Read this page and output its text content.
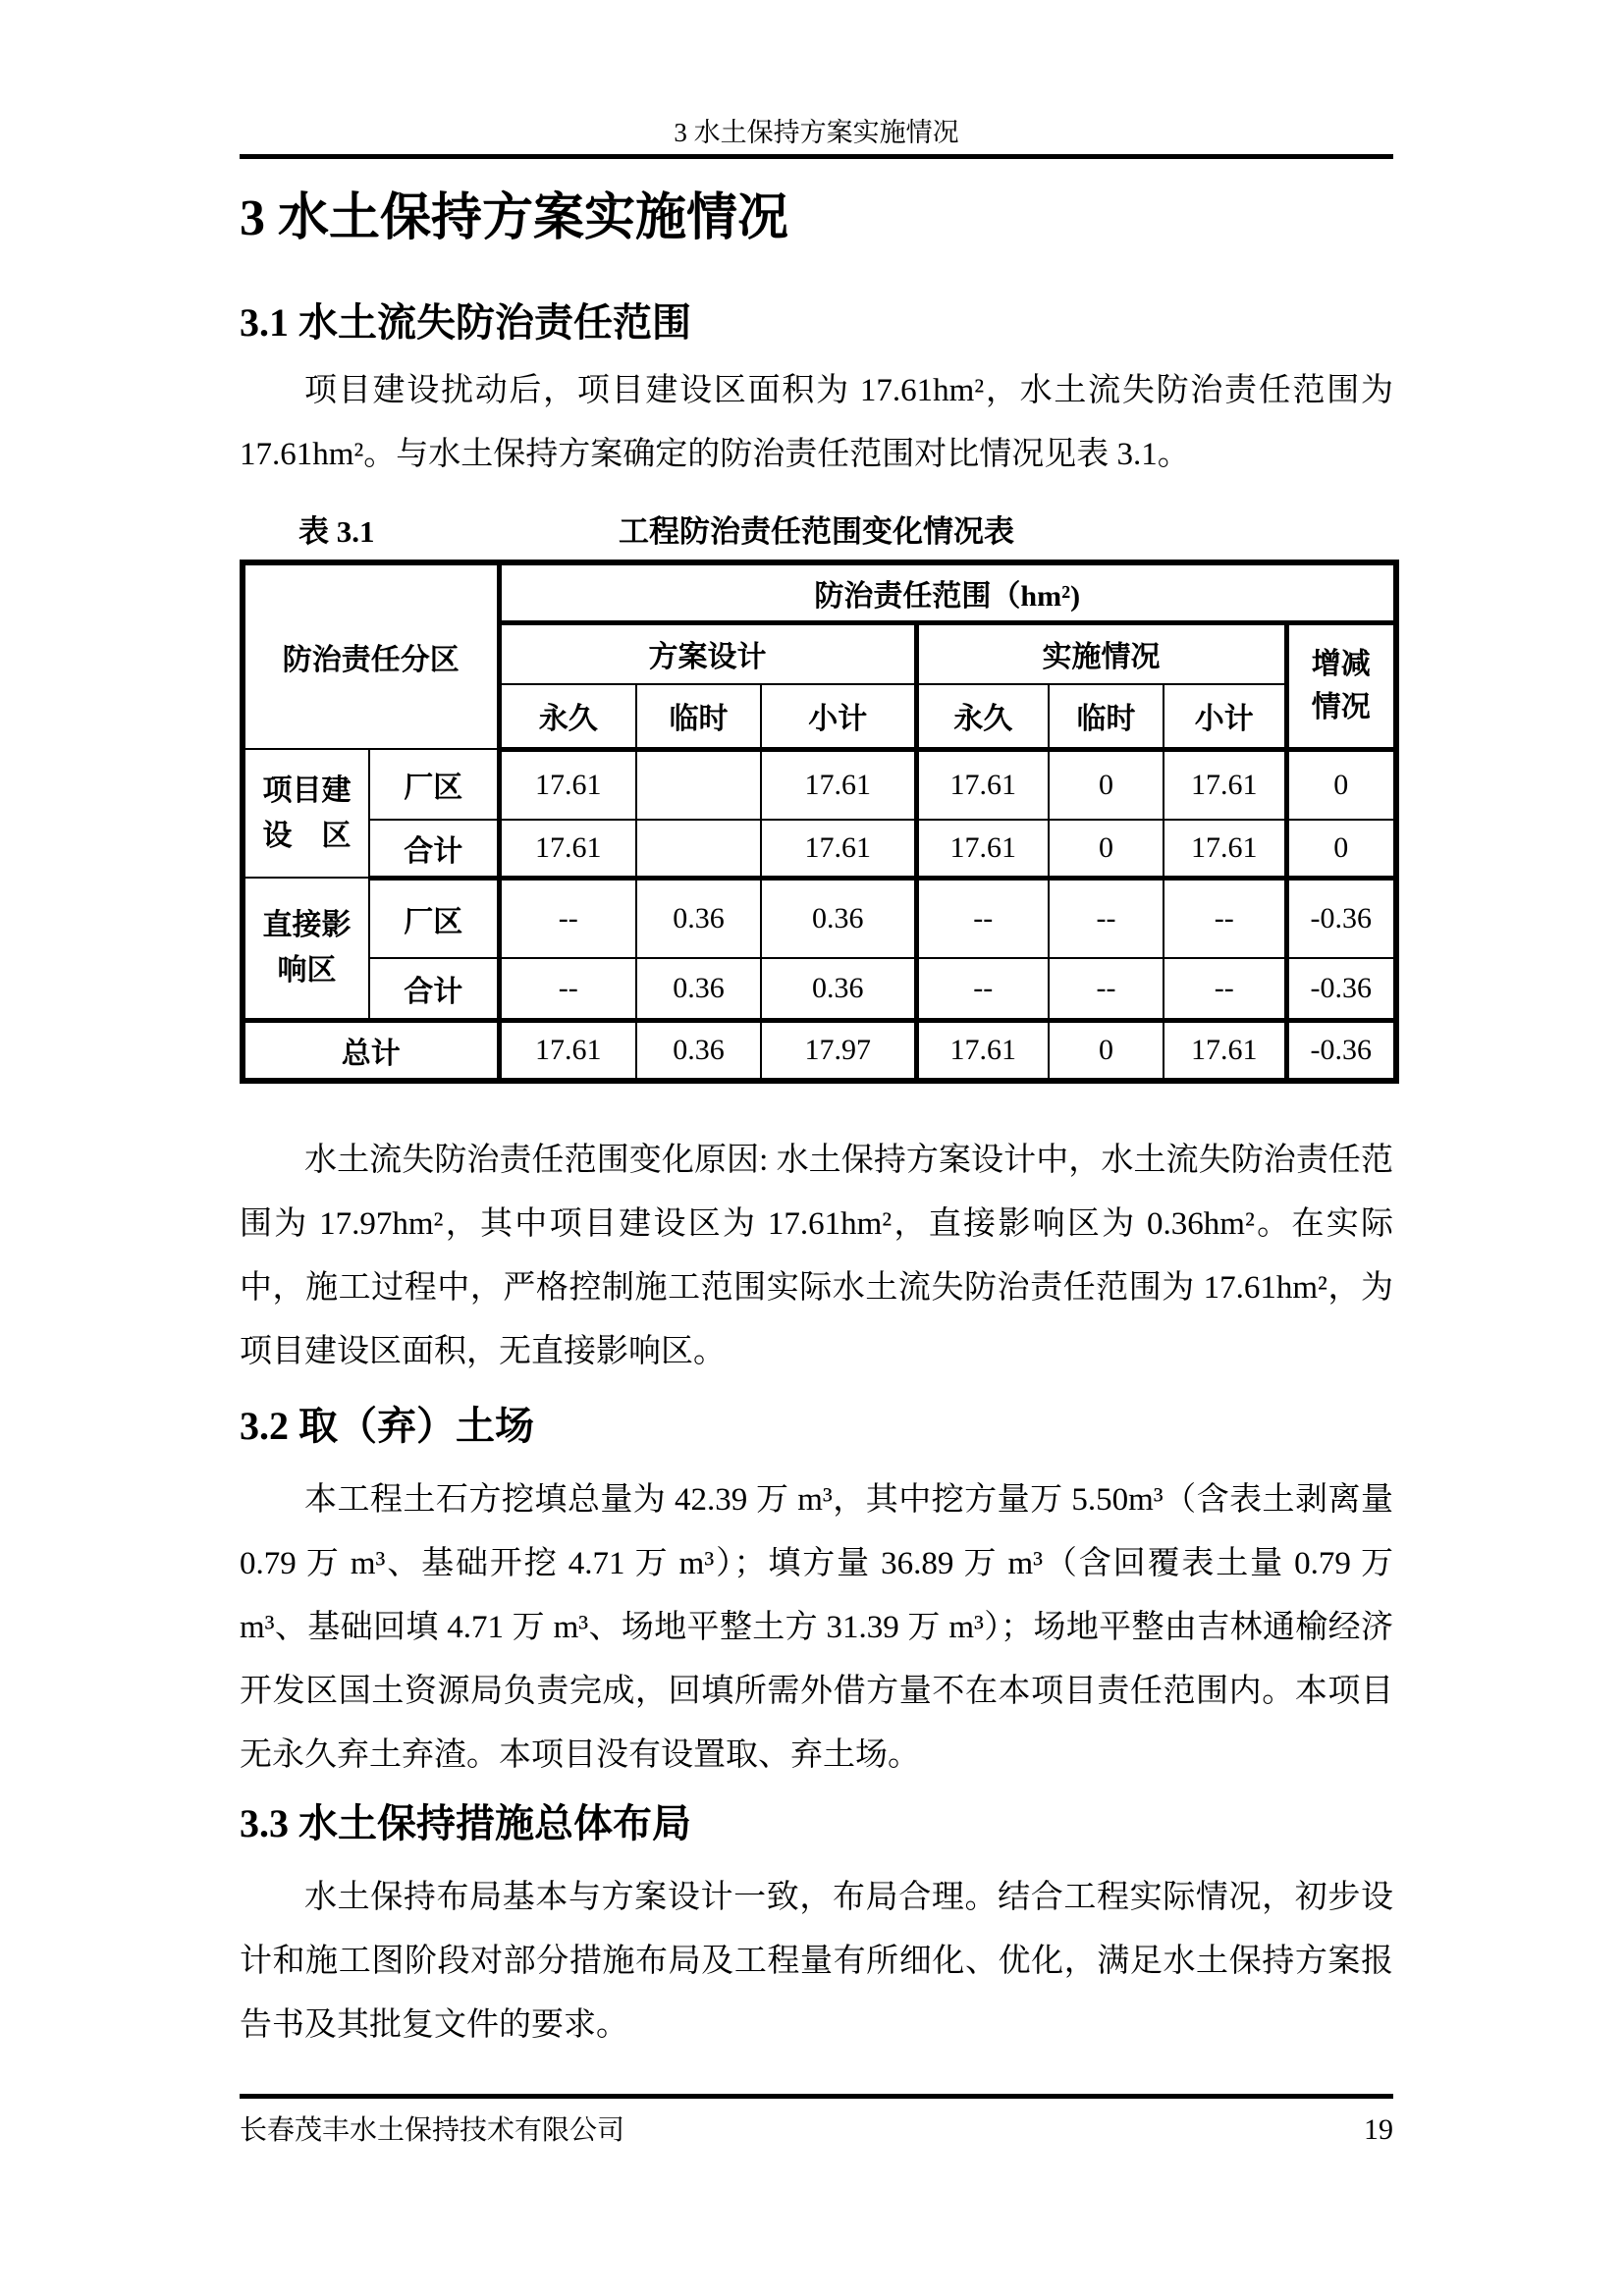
3 水土保持方案实施情况
3 水土保持方案实施情况
3.1 水土流失防治责任范围

项目建设扰动后，项目建设区面积为 17.61hm²，水土流失防治责任范围为 17.61hm²。与水土保持方案确定的防治责任范围对比情况见表 3.1。

表 3.1	工程防治责任范围变化情况表
防治责任分区		防治责任范围（hm²)						
		方案设计			实施情况			增减情况
		永久	临时	小计	永久	临时	小计	

项目建
设　区	厂区	17.61		17.61	17.61	0	17.61	0
	合计	17.61		17.61	17.61	0	17.61	0

直接影
响区	厂区	--	0.36	0.36	--	--	--	-0.36
	合计	--	0.36	0.36	--	--	--	-0.36
总计		17.61	0.36	17.97	17.61	0	17.61	-0.36

水土流失防治责任范围变化原因: 水土保持方案设计中，水土流失防治责任范围为 17.97hm²，其中项目建设区为 17.61hm²，直接影响区为 0.36hm²。在实际中，施工过程中，严格控制施工范围实际水土流失防治责任范围为 17.61hm²，为项目建设区面积，无直接影响区。

3.2 取（弃）土场

本工程土石方挖填总量为 42.39 万 m³，其中挖方量万 5.50m³（含表土剥离量 0.79 万 m³、基础开挖 4.71 万 m³）；填方量 36.89 万 m³（含回覆表土量 0.79 万 m³、基础回填 4.71 万 m³、场地平整土方 31.39 万 m³）；场地平整由吉林通榆经济开发区国土资源局负责完成，回填所需外借方量不在本项目责任范围内。本项目无永久弃土弃渣。本项目没有设置取、弃土场。

3.3 水土保持措施总体布局

水土保持布局基本与方案设计一致，布局合理。结合工程实际情况，初步设计和施工图阶段对部分措施布局及工程量有所细化、优化，满足水土保持方案报告书及其批复文件的要求。

长春茂丰水土保持技术有限公司	19
